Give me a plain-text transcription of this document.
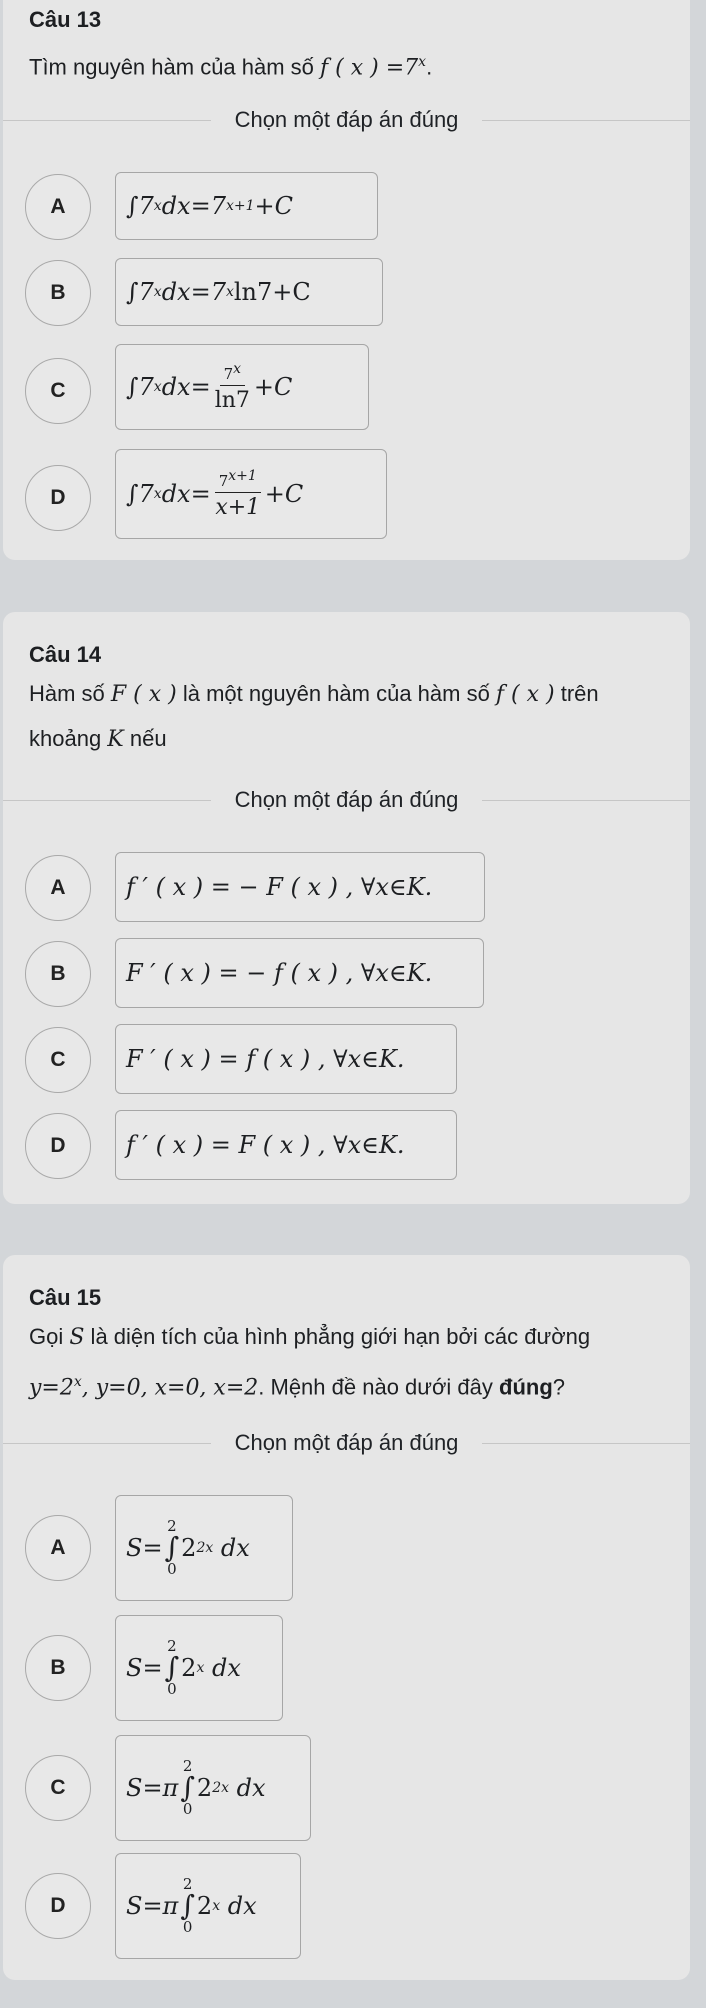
Câu 13
Tìm nguyên hàm của hàm số f ( x ) $=7^x$.
Chọn một đáp án đúng
A	∫7 x dx=7 x+1 +C
B	∫7 x dx=7 x ln7+C
C	∫7 x $dx= \frac{7^x}{\ln 7} +C$
D	∫7 x $dx= \frac{7^{x+1}}{x+1} +C$
Câu 14
Hàm số F ( x ) là một nguyên hàm của hàm số f ( x ) trên
khoảng K nếu
Chọn một đáp án đúng
A	f ′ ( x ) = − F ( x ) , ∀x∈K.
B	F ′ ( x ) = − f ( x ) , ∀x∈K.
C	F ′ ( x ) = f ( x ) , ∀x∈K.
D	f ′ ( x ) = F ( x ) , ∀x∈K.
Câu 15
Gọi S là diện tích của hình phẳng giới hạn bởi các đường
$y=2^x$, y=0, x=0, x=2. Mệnh đề nào dưới đây đúng?
Chọn một đáp án đúng
A	S=
2
∫
0
2 2x
dx
B	S=
2
∫
0
2 x
dx
C	S=π
2
∫
0
2 2x
dx
D	S=π
2
∫
0
2 x
dx
